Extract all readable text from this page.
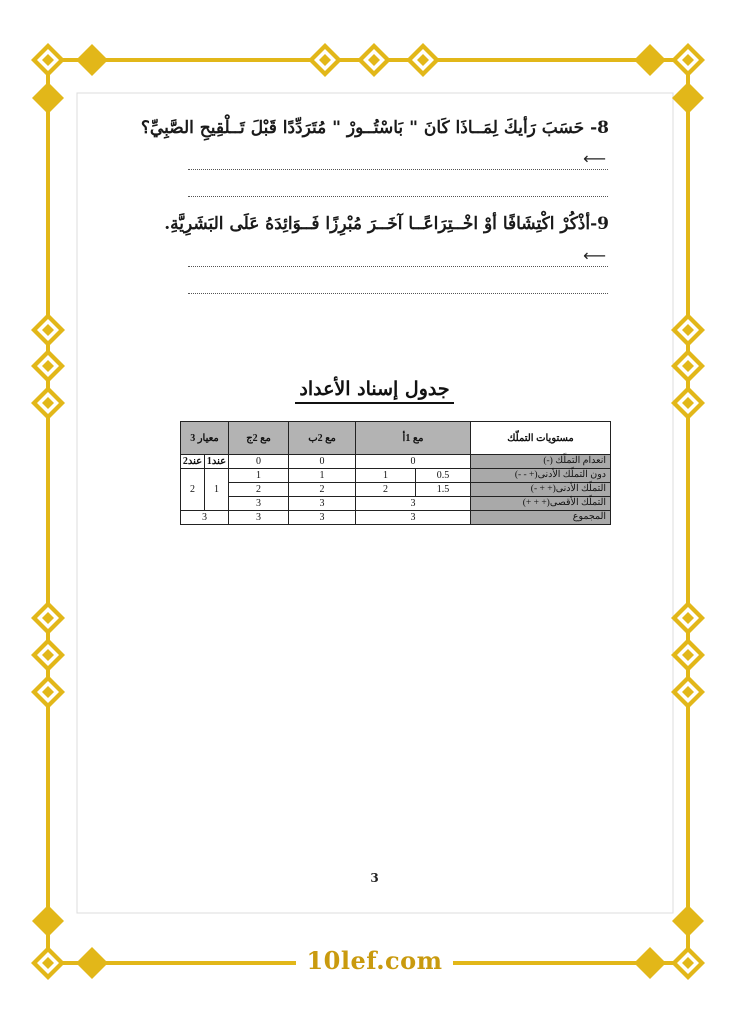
8- حَسَبَ رَأيكَ لِمَــاذَا كَانَ " بَاسْتُــورْ " مُتَرَدِّدًا قَبْلَ تَــلْقِيحِ الصَّبِيِّ؟
⟵
9-أذْكُرْ اكْتِشَافًا أوْ اخْــتِرَاعًــا آخَــرَ مُبْرِزًا فَــوَائِدَهُ عَلَى البَشَرِيَّةِ.
⟵
جدول إسناد الأعداد
معيار 3		مع 2ج	مع 2ب	مع 1أ		مستويات التملّك
عند2	عند1	0	0	0		انعدام التملّك (-)
2	1	1	1	1	0.5	دون التملّك الأدنى(+ - -)
		2	2	2	1.5	التملّك الأدنى(+ + -)
		3	3	3		التملّك الأقصى(+ + +)
3		3	3	3		المجموع
3
10lef.com
